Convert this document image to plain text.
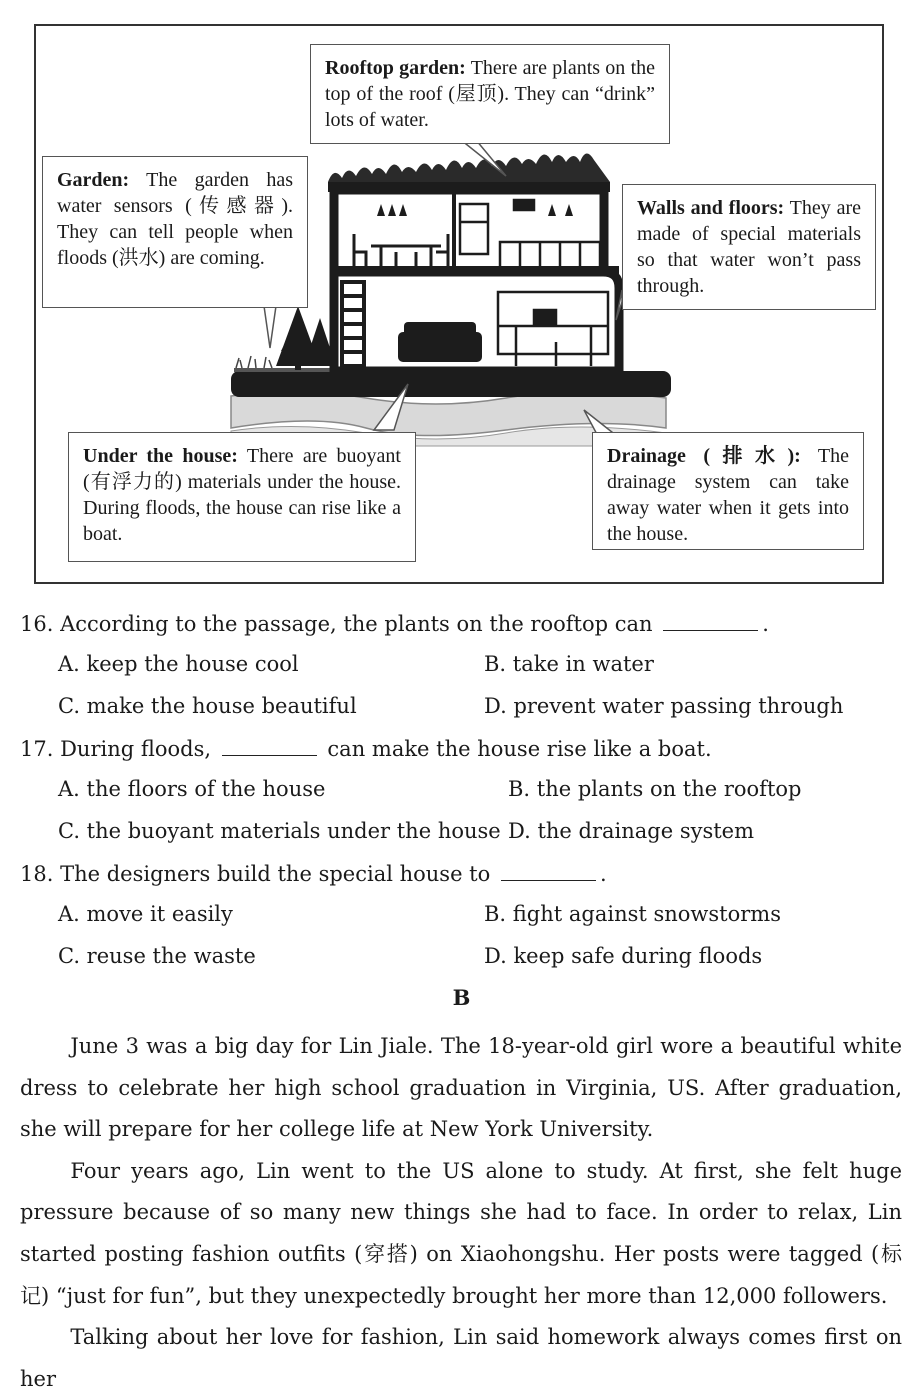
Rooftop garden: There are plants on the top of the roof (屋顶). They can “drink” lots of water.
Garden: The garden has water sensors (传感器). They can tell people when floods (洪水) are coming.
Walls and floors: They are made of special materials so that water won’t pass through.
Under the house: There are buoyant (有浮力的) materials under the house. During floods, the house can rise like a boat.
Drainage (排水): The drainage system can take away water when it gets into the house.
16. According to the passage, the plants on the rooftop can	.
A. keep the house cool	B. take in water
C. make the house beautiful	D. prevent water passing through
17. During floods,	can make the house rise like a boat.
A. the floors of the house	B. the plants on the rooftop
C. the buoyant materials under the house D. the drainage system
18. The designers build the special house to	.
A. move it easily	B. fight against snowstorms
C. reuse the waste	D. keep safe during floods
B

June 3 was a big day for Lin Jiale. The 18-year-old girl wore a beautiful white dress to celebrate her high school graduation in Virginia, US. After graduation, she will prepare for her college life at New York University.

Four years ago, Lin went to the US alone to study. At first, she felt huge pressure because of so many new things she had to face. In order to relax, Lin started posting fashion outfits (穿搭) on Xiaohongshu. Her posts were tagged (标记) “just for fun”, but they unexpectedly brought her more than 12,000 followers.

Talking about her love for fashion, Lin said homework always comes first on her
